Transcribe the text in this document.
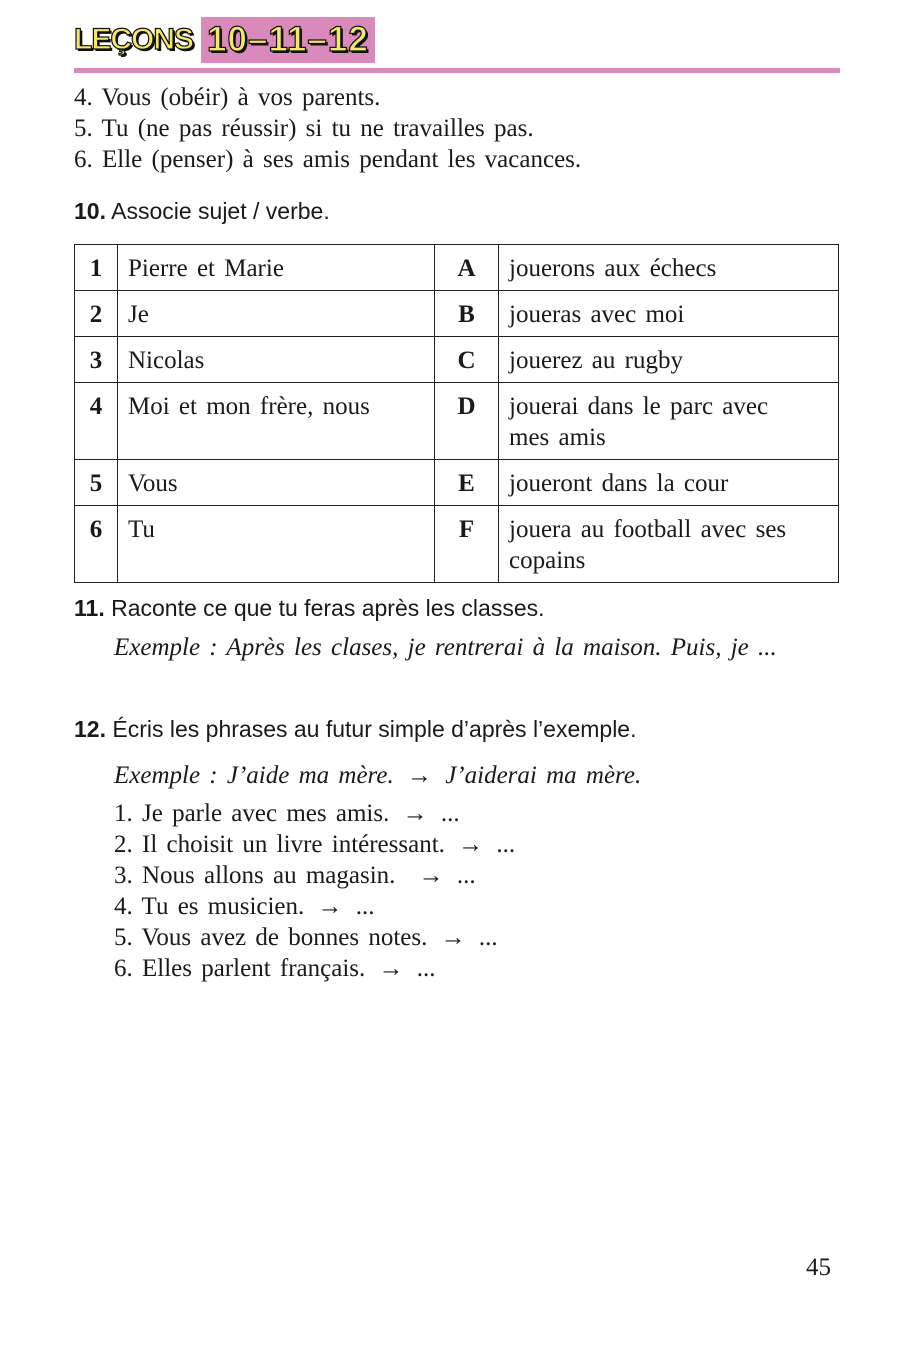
LEÇONS 10–11–12
4. Vous (obéir) à vos parents.
5. Tu (ne pas réussir) si tu ne travailles pas.
6. Elle (penser) à ses amis pendant les vacances.
10. Associe sujet / verbe.
1	Pierre et Marie	A	jouerons aux échecs
2	Je	B	joueras avec moi
3	Nicolas	C	jouerez au rugby
4	Moi et mon frère, nous	D	jouerai dans le parc avec mes amis
5	Vous	E	joueront dans la cour
6	Tu	F	jouera au football avec ses copains
11. Raconte ce que tu feras après les classes.
Exemple : Après les clases, je rentrerai à la maison. Puis, je ...
12. Écris les phrases au futur simple d’après l’exemple.
Exemple : J’aide ma mère. → J’aiderai ma mère.
1. Je parle avec mes amis. → ...
2. Il choisit un livre intéressant. → ...
3. Nous allons au magasin. → ...
4. Tu es musicien. → ...
5. Vous avez de bonnes notes. → ...
6. Elles parlent français. → ...
45
